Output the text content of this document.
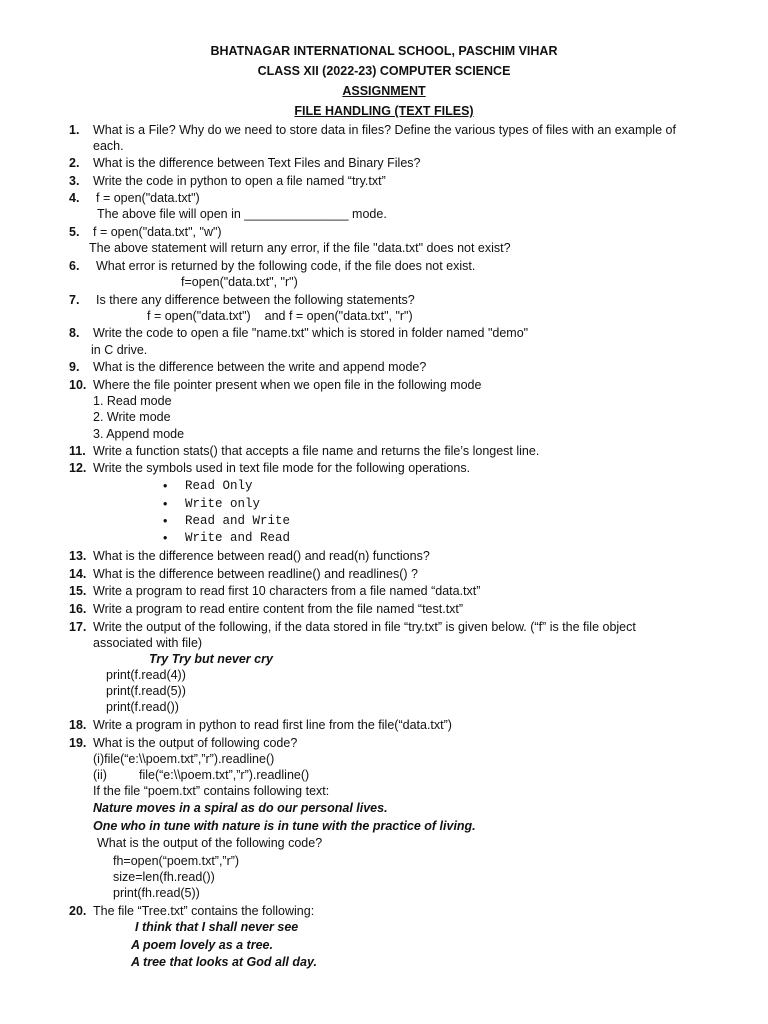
BHATNAGAR INTERNATIONAL SCHOOL, PASCHIM VIHAR
CLASS XII (2022-23) COMPUTER SCIENCE
ASSIGNMENT
FILE HANDLING (TEXT FILES)
1. What is a File? Why do we need to store data in files? Define the various types of files with an example of
each.
2. What is the difference between Text Files and Binary Files?
3. Write the code in python to open a file named “try.txt”
4. f = open("data.txt")
The above file will open in _______________ mode.
5. f = open("data.txt", "w")
The above statement will return any error, if the file "data.txt" does not exist?
6. What error is returned by the following code, if the file does not exist.
f=open("data.txt", "r")
7. Is there any difference between the following statements?
f = open("data.txt")    and f = open("data.txt", "r")
8. Write the code to open a file "name.txt" which is stored in folder named "demo"
in C drive.
9. What is the difference between the write and append mode?
10. Where the file pointer present when we open file in the following mode
1. Read mode
2. Write mode
3. Append mode
11. Write a function stats() that accepts a file name and returns the file’s longest line.
12. Write the symbols used in text file mode for the following operations.
• Read Only
• Write only
• Read and Write
• Write and Read
13. What is the difference between read() and read(n) functions?
14. What is the difference between readline() and readlines() ?
15. Write a program to read first 10 characters from a file named “data.txt”
16. Write a program to read entire content from the file named “test.txt”
17. Write the output of the following, if the data stored in file “try.txt” is given below. (“f” is the file object
associated with file)
Try Try but never cry
print(f.read(4))
print(f.read(5))
print(f.read())
18. Write a program in python to read first line from the file(“data.txt”)
19. What is the output of following code?
(i)file(“e:\\poem.txt”,”r”).readline()
(ii)	file(“e:\\poem.txt”,”r”).readline()
If the file “poem.txt” contains following text:
Nature moves in a spiral as do our personal lives.
One who in tune with nature is in tune with the practice of living.
What is the output of the following code?
fh=open(“poem.txt”,”r”)
size=len(fh.read())
print(fh.read(5))
20. The file “Tree.txt” contains the following:
I think that I shall never see
A poem lovely as a tree.
A tree that looks at God all day.
